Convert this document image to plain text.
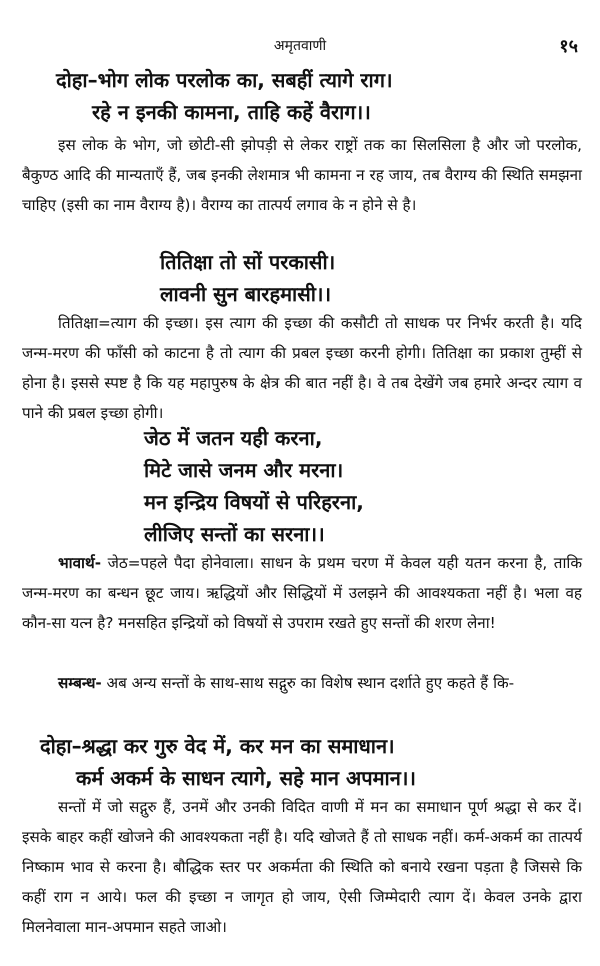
अमृतवाणी	१५
दोहा–भोग लोक परलोक का, सबहीं त्यागे राग।
रहे न इनकी कामना, ताहि कहें वैराग।।
इस लोक के भोग, जो छोटी-सी झोपड़ी से लेकर राष्ट्रों तक का सिलसिला है और जो परलोक, बैकुण्ठ आदि की मान्यताएँ हैं, जब इनकी लेशमात्र भी कामना न रह जाय, तब वैराग्य की स्थिति समझना चाहिए (इसी का नाम वैराग्य है)। वैराग्य का तात्पर्य लगाव के न होने से है।
तितिक्षा तो सों परकासी।
लावनी सुन बारहमासी।।
तितिक्षा=त्याग की इच्छा। इस त्याग की इच्छा की कसौटी तो साधक पर निर्भर करती है। यदि जन्म-मरण की फाँसी को काटना है तो त्याग की प्रबल इच्छा करनी होगी। तितिक्षा का प्रकाश तुम्हीं से होना है। इससे स्पष्ट है कि यह महापुरुष के क्षेत्र की बात नहीं है। वे तब देखेंगे जब हमारे अन्दर त्याग व पाने की प्रबल इच्छा होगी।
जेठ में जतन यही करना,
मिटे जासे जनम और मरना।
मन इन्द्रिय विषयों से परिहरना,
लीजिए सन्तों का सरना।।
भावार्थ- जेठ=पहले पैदा होनेवाला। साधन के प्रथम चरण में केवल यही यतन करना है, ताकि जन्म-मरण का बन्धन छूट जाय। ऋद्धियों और सिद्धियों में उलझने की आवश्यकता नहीं है। भला वह कौन-सा यत्न है? मनसहित इन्द्रियों को विषयों से उपराम रखते हुए सन्तों की शरण लेना!
सम्बन्ध- अब अन्य सन्तों के साथ-साथ सद्गुरु का विशेष स्थान दर्शाते हुए कहते हैं कि-
दोहा–श्रद्धा कर गुरु वेद में, कर मन का समाधान।
कर्म अकर्म के साधन त्यागे, सहे मान अपमान।।
सन्तों में जो सद्गुरु हैं, उनमें और उनकी विदित वाणी में मन का समाधान पूर्ण श्रद्धा से कर दें। इसके बाहर कहीं खोजने की आवश्यकता नहीं है। यदि खोजते हैं तो साधक नहीं। कर्म-अकर्म का तात्पर्य निष्काम भाव से करना है। बौद्धिक स्तर पर अकर्मता की स्थिति को बनाये रखना पड़ता है जिससे कि कहीं राग न आये। फल की इच्छा न जागृत हो जाय, ऐसी जिम्मेदारी त्याग दें। केवल उनके द्वारा मिलनेवाला मान-अपमान सहते जाओ।
